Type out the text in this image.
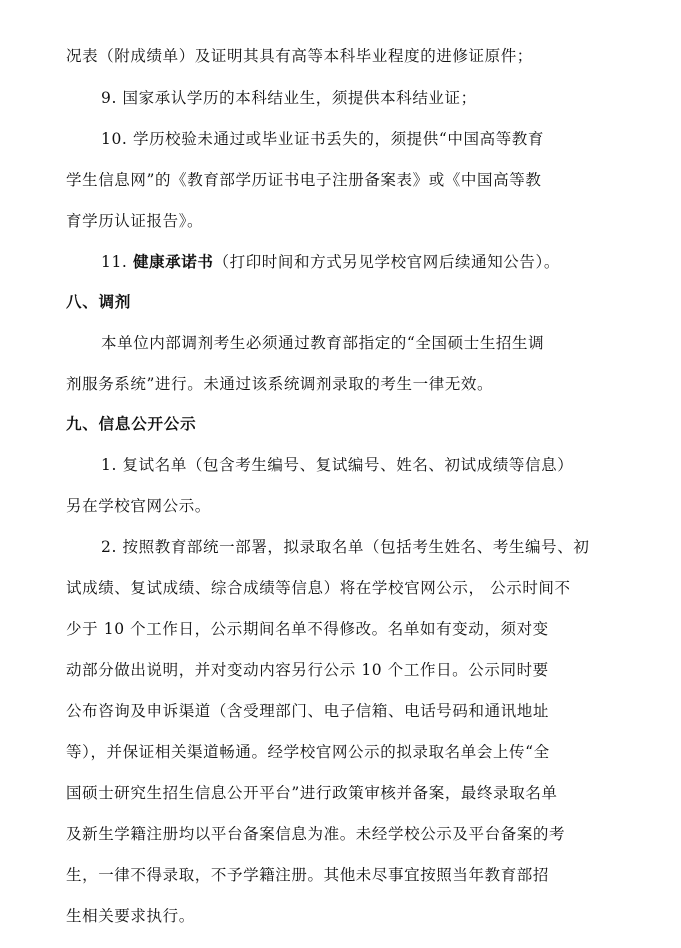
况表（附成绩单）及证明其具有高等本科毕业程度的进修证原件；
9. 国家承认学历的本科结业生，须提供本科结业证；
10. 学历校验未通过或毕业证书丢失的，须提供“中国高等教育
学生信息网”的《教育部学历证书电子注册备案表》或《中国高等教
育学历认证报告》。
11. 健康承诺书（打印时间和方式另见学校官网后续通知公告）。
八、调剂
本单位内部调剂考生必须通过教育部指定的“全国硕士生招生调
剂服务系统”进行。未通过该系统调剂录取的考生一律无效。
九、信息公开公示
1. 复试名单（包含考生编号、复试编号、姓名、初试成绩等信息）
另在学校官网公示。
2. 按照教育部统一部署，拟录取名单（包括考生姓名、考生编号、初
试成绩、复试成绩、综合成绩等信息）将在学校官网公示， 公示时间不
少于 10 个工作日，公示期间名单不得修改。名单如有变动，须对变
动部分做出说明，并对变动内容另行公示 10 个工作日。公示同时要
公布咨询及申诉渠道（含受理部门、电子信箱、电话号码和通讯地址
等），并保证相关渠道畅通。经学校官网公示的拟录取名单会上传“全
国硕士研究生招生信息公开平台”进行政策审核并备案，最终录取名单
及新生学籍注册均以平台备案信息为准。未经学校公示及平台备案的考
生，一律不得录取，不予学籍注册。其他未尽事宜按照当年教育部招
生相关要求执行。
